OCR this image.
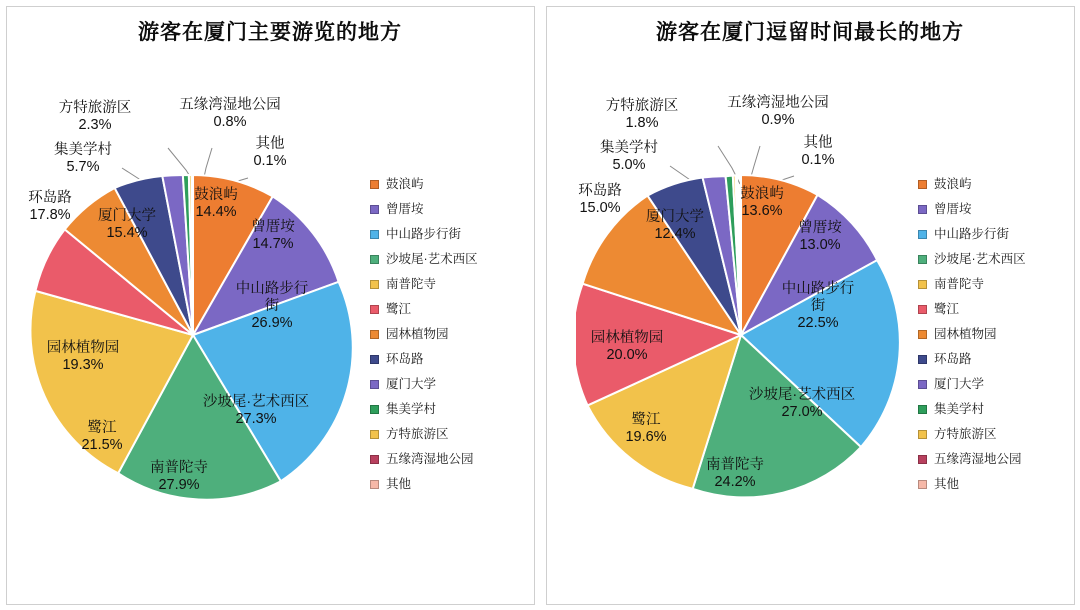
游客在厦门主要游览的地方
鼓浪屿
14.4%
曾厝垵
14.7%
中山路步行
街
26.9%
沙坡尾·艺术西区
27.3%
南普陀寺
27.9%
鹭江
21.5%
园林植物园
19.3%
环岛路
17.8%	厦门大学
15.4%
集美学村
5.7%
方特旅游区
2.3%
五缘湾湿地公园
0.8%
其他
0.1%
鼓浪屿
曾厝垵
中山路步行街
沙坡尾·艺术西区
南普陀寺
鹭江
园林植物园
环岛路
厦门大学
集美学村
方特旅游区
五缘湾湿地公园
其他
游客在厦门逗留时间最长的地方
鼓浪屿
13.6%
曾厝垵
13.0%
中山路步行
街
22.5%
沙坡尾·艺术西区
27.0%
南普陀寺
24.2%
鹭江
19.6%
园林植物园
20.0%
环岛路
15.0%
厦门大学
12.4%
集美学村
5.0%
方特旅游区
1.8%
五缘湾湿地公园
0.9%
其他
0.1%
鼓浪屿
曾厝垵
中山路步行街
沙坡尾·艺术西区
南普陀寺
鹭江
园林植物园
环岛路
厦门大学
集美学村
方特旅游区
五缘湾湿地公园
其他
